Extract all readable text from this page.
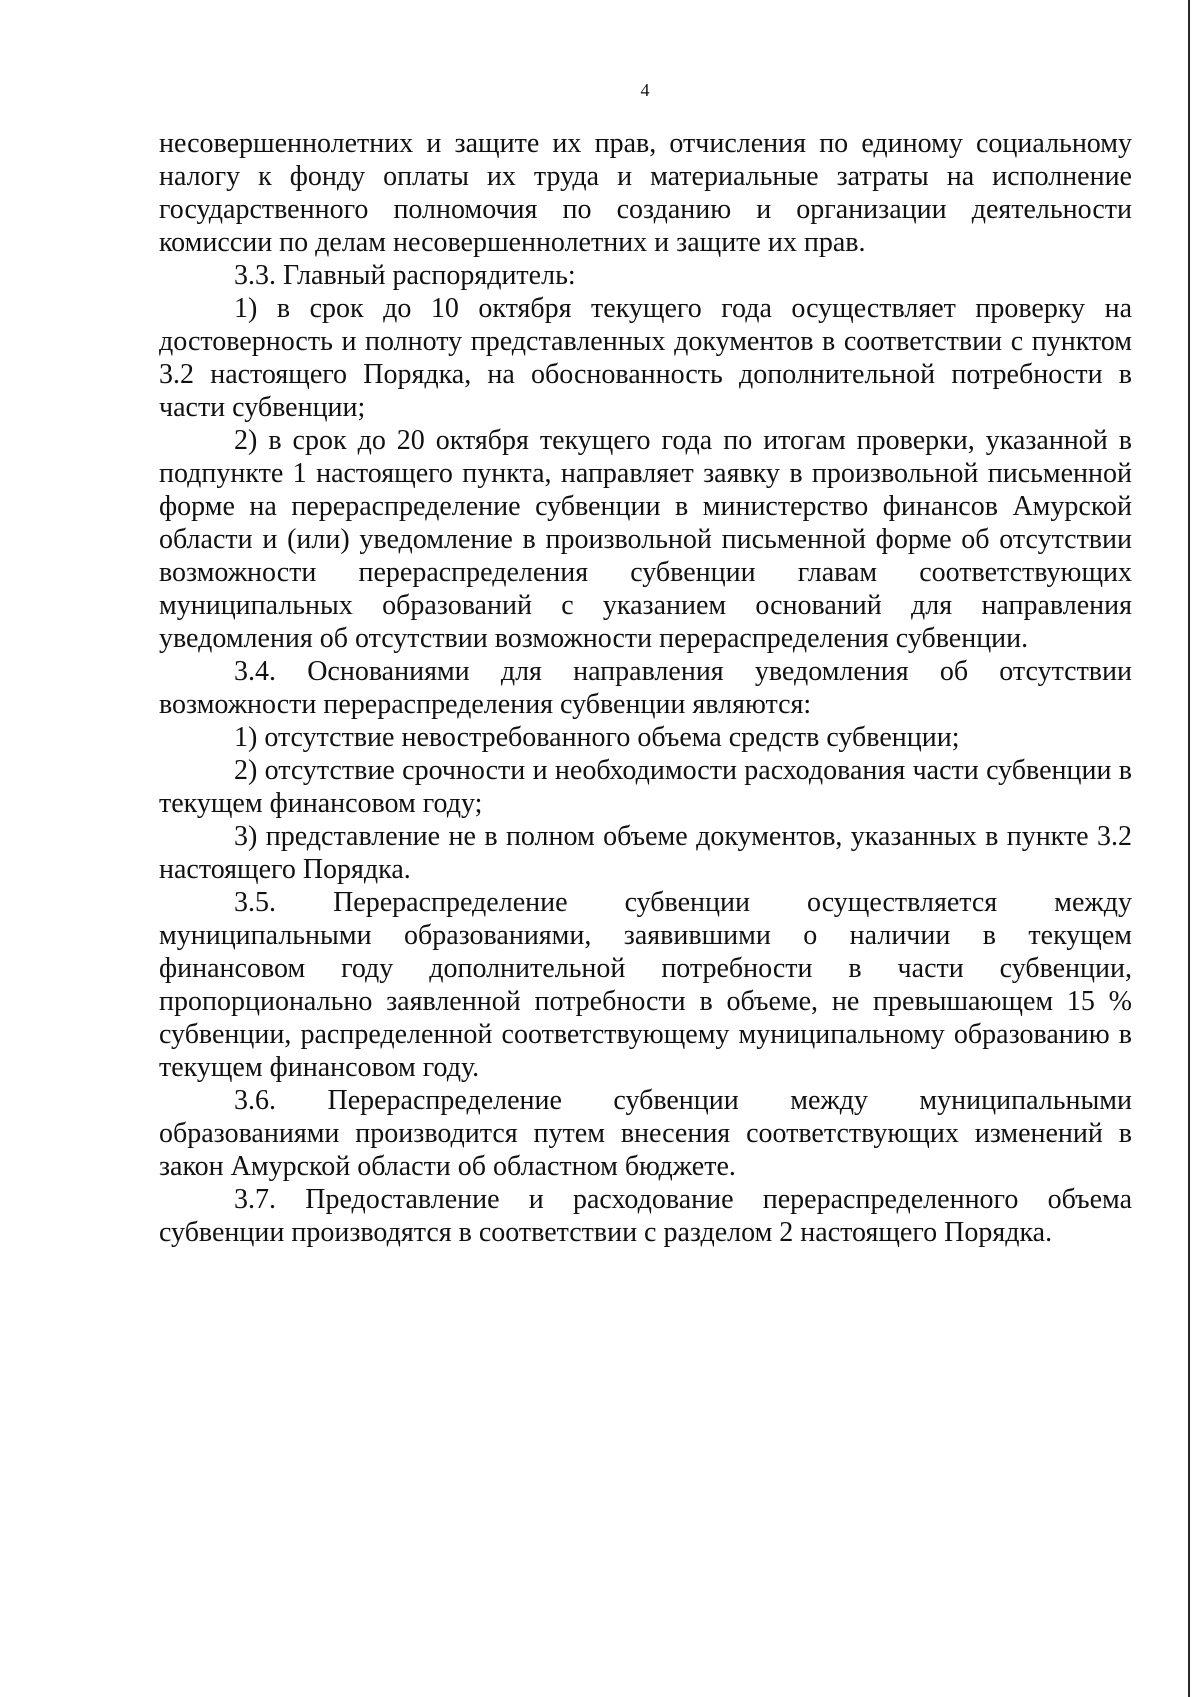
4

несовершеннолетних и защите их прав, отчисления по единому социальному налогу к фонду оплаты их труда и материальные затраты на исполнение государственного полномочия по созданию и организации деятельности комиссии по делам несовершеннолетних и защите их прав.

3.3. Главный распорядитель:

1) в срок до 10 октября текущего года осуществляет проверку на достоверность и полноту представленных документов в соответствии с пунктом 3.2 настоящего Порядка, на обоснованность дополнительной потребности в части субвенции;

2) в срок до 20 октября текущего года по итогам проверки, указанной в подпункте 1 настоящего пункта, направляет заявку в произвольной письменной форме на перераспределение субвенции в министерство финансов Амурской области и (или) уведомление в произвольной письменной форме об отсутствии возможности перераспределения субвенции главам соответствующих муниципальных образований с указанием оснований для направления уведомления об отсутствии возможности перераспределения субвенции.

3.4. Основаниями для направления уведомления об отсутствии возможности перераспределения субвенции являются:

1) отсутствие невостребованного объема средств субвенции;

2) отсутствие срочности и необходимости расходования части субвенции в текущем финансовом году;

3) представление не в полном объеме документов, указанных в пункте 3.2 настоящего Порядка.

3.5. Перераспределение субвенции осуществляется между муниципальными образованиями, заявившими о наличии в текущем финансовом году дополнительной потребности в части субвенции, пропорционально заявленной потребности в объеме, не превышающем 15 % субвенции, распределенной соответствующему муниципальному образованию в текущем финансовом году.

3.6. Перераспределение субвенции между муниципальными образованиями производится путем внесения соответствующих изменений в закон Амурской области об областном бюджете.

3.7. Предоставление и расходование перераспределенного объема субвенции производятся в соответствии с разделом 2 настоящего Порядка.
